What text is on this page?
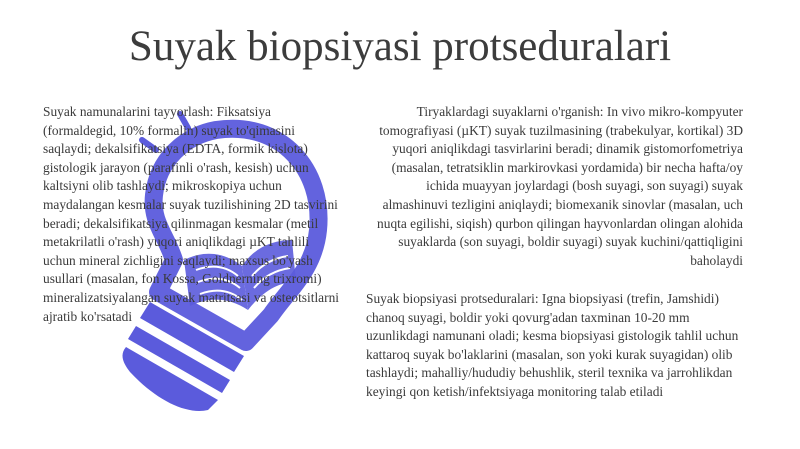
Suyak biopsiyasi protseduralari

Suyak namunalarini tayyorlash: Fiksatsiya (formaldegid, 10% formalin) suyak to'qimasini saqlaydi; dekalsifikatsiya (EDTA, formik kislota) gistologik jarayon (parafinli o'rash, kesish) uchun kaltsiyni olib tashlaydi; mikroskopiya uchun maydalangan kesmalar suyak tuzilishining 2D tasvirini beradi; dekalsifikatsiya qilinmagan kesmalar (metil metakrilatli o'rash) yuqori aniqlikdagi µKT tahlili uchun mineral zichligini saqlaydi; maxsus bo'yash usullari (masalan, fon Kossa, Goldnerning trixromi) mineralizatsiyalangan suyak matritsasi va osteotsitlarni ajratib ko'rsatadi

Tiryaklardagi suyaklarni o'rganish: In vivo mikro-kompyuter tomografiyasi (µKT) suyak tuzilmasining (trabekulyar, kortikal) 3D yuqori aniqlikdagi tasvirlarini beradi; dinamik gistomorfometriya (masalan, tetratsiklin markirovkasi yordamida) bir necha hafta/oy ichida muayyan joylardagi (bosh suyagi, son suyagi) suyak almashinuvi tezligini aniqlaydi; biomexanik sinovlar (masalan, uch nuqta egilishi, siqish) qurbon qilingan hayvonlardan olingan alohida suyaklarda (son suyagi, boldir suyagi) suyak kuchini/qattiqligini baholaydi

Suyak biopsiyasi protseduralari: Igna biopsiyasi (trefin, Jamshidi) chanoq suyagi, boldir yoki qovurg'adan taxminan 10-20 mm uzunlikdagi namunani oladi; kesma biopsiyasi gistologik tahlil uchun kattaroq suyak bo'laklarini (masalan, son yoki kurak suyagidan) olib tashlaydi; mahalliy/hududiy behushlik, steril texnika va jarrohlikdan keyingi qon ketish/infektsiyaga monitoring talab etiladi
